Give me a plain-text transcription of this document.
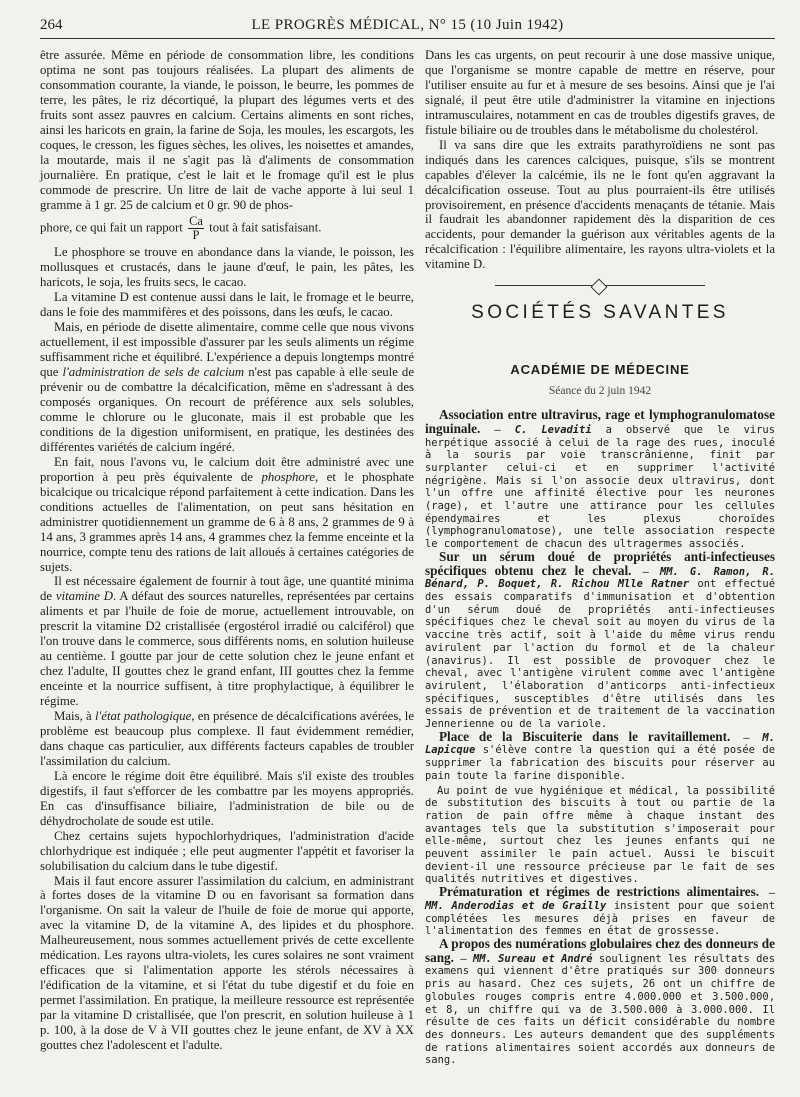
264	LE PROGRÈS MÉDICAL, N° 15 (10 Juin 1942)

être assurée. Même en période de consommation libre, les conditions optima ne sont pas toujours réalisées. La plupart des aliments de consommation courante, la viande, le poisson, le beurre, les pommes de terre, les pâtes, le riz décortiqué, la plupart des légumes verts et des fruits sont assez pauvres en calcium. Certains aliments en sont riches, ainsi les haricots en grain, la farine de Soja, les moules, les escargots, les coques, le cresson, les figues sèches, les olives, les noisettes et amandes, la moutarde, mais il ne s'agit pas là d'aliments de consommation journalière. En pratique, c'est le lait et le fromage qu'il est le plus commode de prescrire. Un litre de lait de vache apporte à lui seul 1 gramme à 1 gr. 25 de calcium et 0 gr. 90 de phos-

phore, ce qui fait un rapport $\frac{Ca}{P}$ tout à fait satisfaisant.

Le phosphore se trouve en abondance dans la viande, le poisson, les mollusques et crustacés, dans le jaune d'œuf, le pain, les pâtes, les haricots, le soja, les fruits secs, le cacao.

La vitamine D est contenue aussi dans le lait, le fromage et le beurre, dans le foie des mammifères et des poissons, dans les œufs, le cacao.

Mais, en période de disette alimentaire, comme celle que nous vivons actuellement, il est impossible d'assurer par les seuls aliments un régime suffisamment riche et équilibré. L'expérience a depuis longtemps montré que l'administration de sels de calcium n'est pas capable à elle seule de prévenir ou de combattre la décalcification, même en s'adressant à des composés organiques. On recourt de préférence aux sels solubles, comme le chlorure ou le gluconate, mais il est probable que les conditions de la digestion uniformisent, en pratique, les destinées des différentes variétés de calcium ingéré.

En fait, nous l'avons vu, le calcium doit être administré avec une proportion à peu près équivalente de phosphore, et le phosphate bicalcique ou tricalcique répond parfaitement à cette indication. Dans les conditions actuelles de l'alimentation, on peut sans hésitation en administrer quotidiennement un gramme de 6 à 8 ans, 2 grammes de 9 à 14 ans, 3 grammes après 14 ans, 4 grammes chez la femme enceinte et la nourrice, compte tenu des rations de lait alloués à certaines catégories de sujets.

Il est nécessaire également de fournir à tout âge, une quantité minima de vitamine D. A défaut des sources naturelles, représentées par certains aliments et par l'huile de foie de morue, actuellement introuvable, on prescrit la vitamine D2 cristallisée (ergostérol irradié ou calciférol) que l'on trouve dans le commerce, sous différents noms, en solution huileuse au centième. I goutte par jour de cette solution chez le jeune enfant et chez l'adulte, II gouttes chez le grand enfant, III gouttes chez la femme enceinte et la nourrice suffisent, à titre prophylactique, à équilibrer le régime.

Mais, à l'état pathologique, en présence de décalcifications avérées, le problème est beaucoup plus complexe. Il faut évidemment remédier, dans chaque cas particulier, aux différents facteurs capables de troubler l'assimilation du calcium.

Là encore le régime doit être équilibré. Mais s'il existe des troubles digestifs, il faut s'efforcer de les combattre par les moyens appropriés. En cas d'insuffisance biliaire, l'administration de bile ou de déhydrocholate de soude est utile.

Chez certains sujets hypochlorhydriques, l'administration d'acide chlorhydrique est indiquée ; elle peut augmenter l'appétit et favoriser la solubilisation du calcium dans le tube digestif.

Mais il faut encore assurer l'assimilation du calcium, en administrant à fortes doses de la vitamine D ou en favorisant sa formation dans l'organisme. On sait la valeur de l'huile de foie de morue qui apporte, avec la vitamine D, de la vitamine A, des lipides et du phosphore. Malheureusement, nous sommes actuellement privés de cette excellente médication. Les rayons ultra-violets, les cures solaires ne sont vraiment efficaces que si l'alimentation apporte les stérols nécessaires à l'édification de la vitamine, et si l'état du tube digestif et du foie en permet l'assimilation. En pratique, la meilleure ressource est représentée par la vitamine D cristallisée, que l'on prescrit, en solution huileuse à 1 p. 100, à la dose de V à VII gouttes chez le jeune enfant, de XV à XX gouttes chez l'adolescent et l'adulte.

Dans les cas urgents, on peut recourir à une dose massive unique, que l'organisme se montre capable de mettre en réserve, pour l'utiliser ensuite au fur et à mesure de ses besoins. Ainsi que je l'ai signalé, il peut être utile d'administrer la vitamine en injections intramusculaires, notamment en cas de troubles digestifs graves, de fistule biliaire ou de troubles dans le métabolisme du cholestérol.

Il va sans dire que les extraits parathyroïdiens ne sont pas indiqués dans les carences calciques, puisque, s'ils se montrent capables d'élever la calcémie, ils ne le font qu'en aggravant la décalcification osseuse. Tout au plus pourraient-ils être utilisés provisoirement, en présence d'accidents menaçants de tétanie. Mais il faudrait les abandonner rapidement dès la disparition de ces accidents, pour demander la guérison aux véritables agents de la récalcification : l'équilibre alimentaire, les rayons ultra-violets et la vitamine D.

SOCIÉTÉS SAVANTES
ACADÉMIE DE MÉDECINE
Séance du 2 juin 1942

Association entre ultravirus, rage et lymphogranulomatose inguinale. — C. Levaditi a observé que le virus herpétique associé à celui de la rage des rues, inoculé à la souris par voie transcrânienne, finit par surplanter celui-ci et en supprimer l'activité négrigène. Mais si l'on associe deux ultravirus, dont l'un offre une affinité élective pour les neurones (rage), et l'autre une attirance pour les cellules épendymaires et les plexus choroïdes (lymphogranulomatose), une telle association respecte le comportement de chacun des ultragermes associés.

Sur un sérum doué de propriétés anti-infectieuses spécifiques obtenu chez le cheval. — MM. G. Ramon, R. Bénard, P. Boquet, R. Richou Mlle Ratner ont effectué des essais comparatifs d'immunisation et d'obtention d'un sérum doué de propriétés anti-infectieuses spécifiques chez le cheval soit au moyen du virus de la vaccine très actif, soit à l'aide du même virus rendu avirulent par l'action du formol et de la chaleur (anavirus). Il est possible de provoquer chez le cheval, avec l'antigène virulent comme avec l'antigène avirulent, l'élaboration d'anticorps anti-infectieux spécifiques, susceptibles d'être utilisés dans les essais de prévention et de traitement de la vaccination Jennerienne ou de la variole.

Place de la Biscuiterie dans le ravitaillement. — M. Lapicque s'élève contre la question qui a été posée de supprimer la fabrication des biscuits pour réserver au pain toute la farine disponible.

Au point de vue hygiénique et médical, la possibilité de substitution des biscuits à tout ou partie de la ration de pain offre même à chaque instant des avantages tels que la substitution s'imposerait pour elle-même, surtout chez les jeunes enfants qui ne peuvent assimiler le pain actuel. Aussi le biscuit devient-il une ressource précieuse par le fait de ses qualités nutritives et digestives.

Prématuration et régimes de restrictions alimentaires. — MM. Anderodias et de Grailly insistent pour que soient complétées les mesures déjà prises en faveur de l'alimentation des femmes en état de grossesse.

A propos des numérations globulaires chez des donneurs de sang. — MM. Sureau et André soulignent les résultats des examens qui viennent d'être pratiqués sur 300 donneurs pris au hasard. Chez ces sujets, 26 ont un chiffre de globules rouges compris entre 4.000.000 et 3.500.000, et 8, un chiffre qui va de 3.500.000 à 3.000.000. Il résulte de ces faits un déficit considérable du nombre des donneurs. Les auteurs demandent que des suppléments de rations alimentaires soient accordés aux donneurs de sang.
